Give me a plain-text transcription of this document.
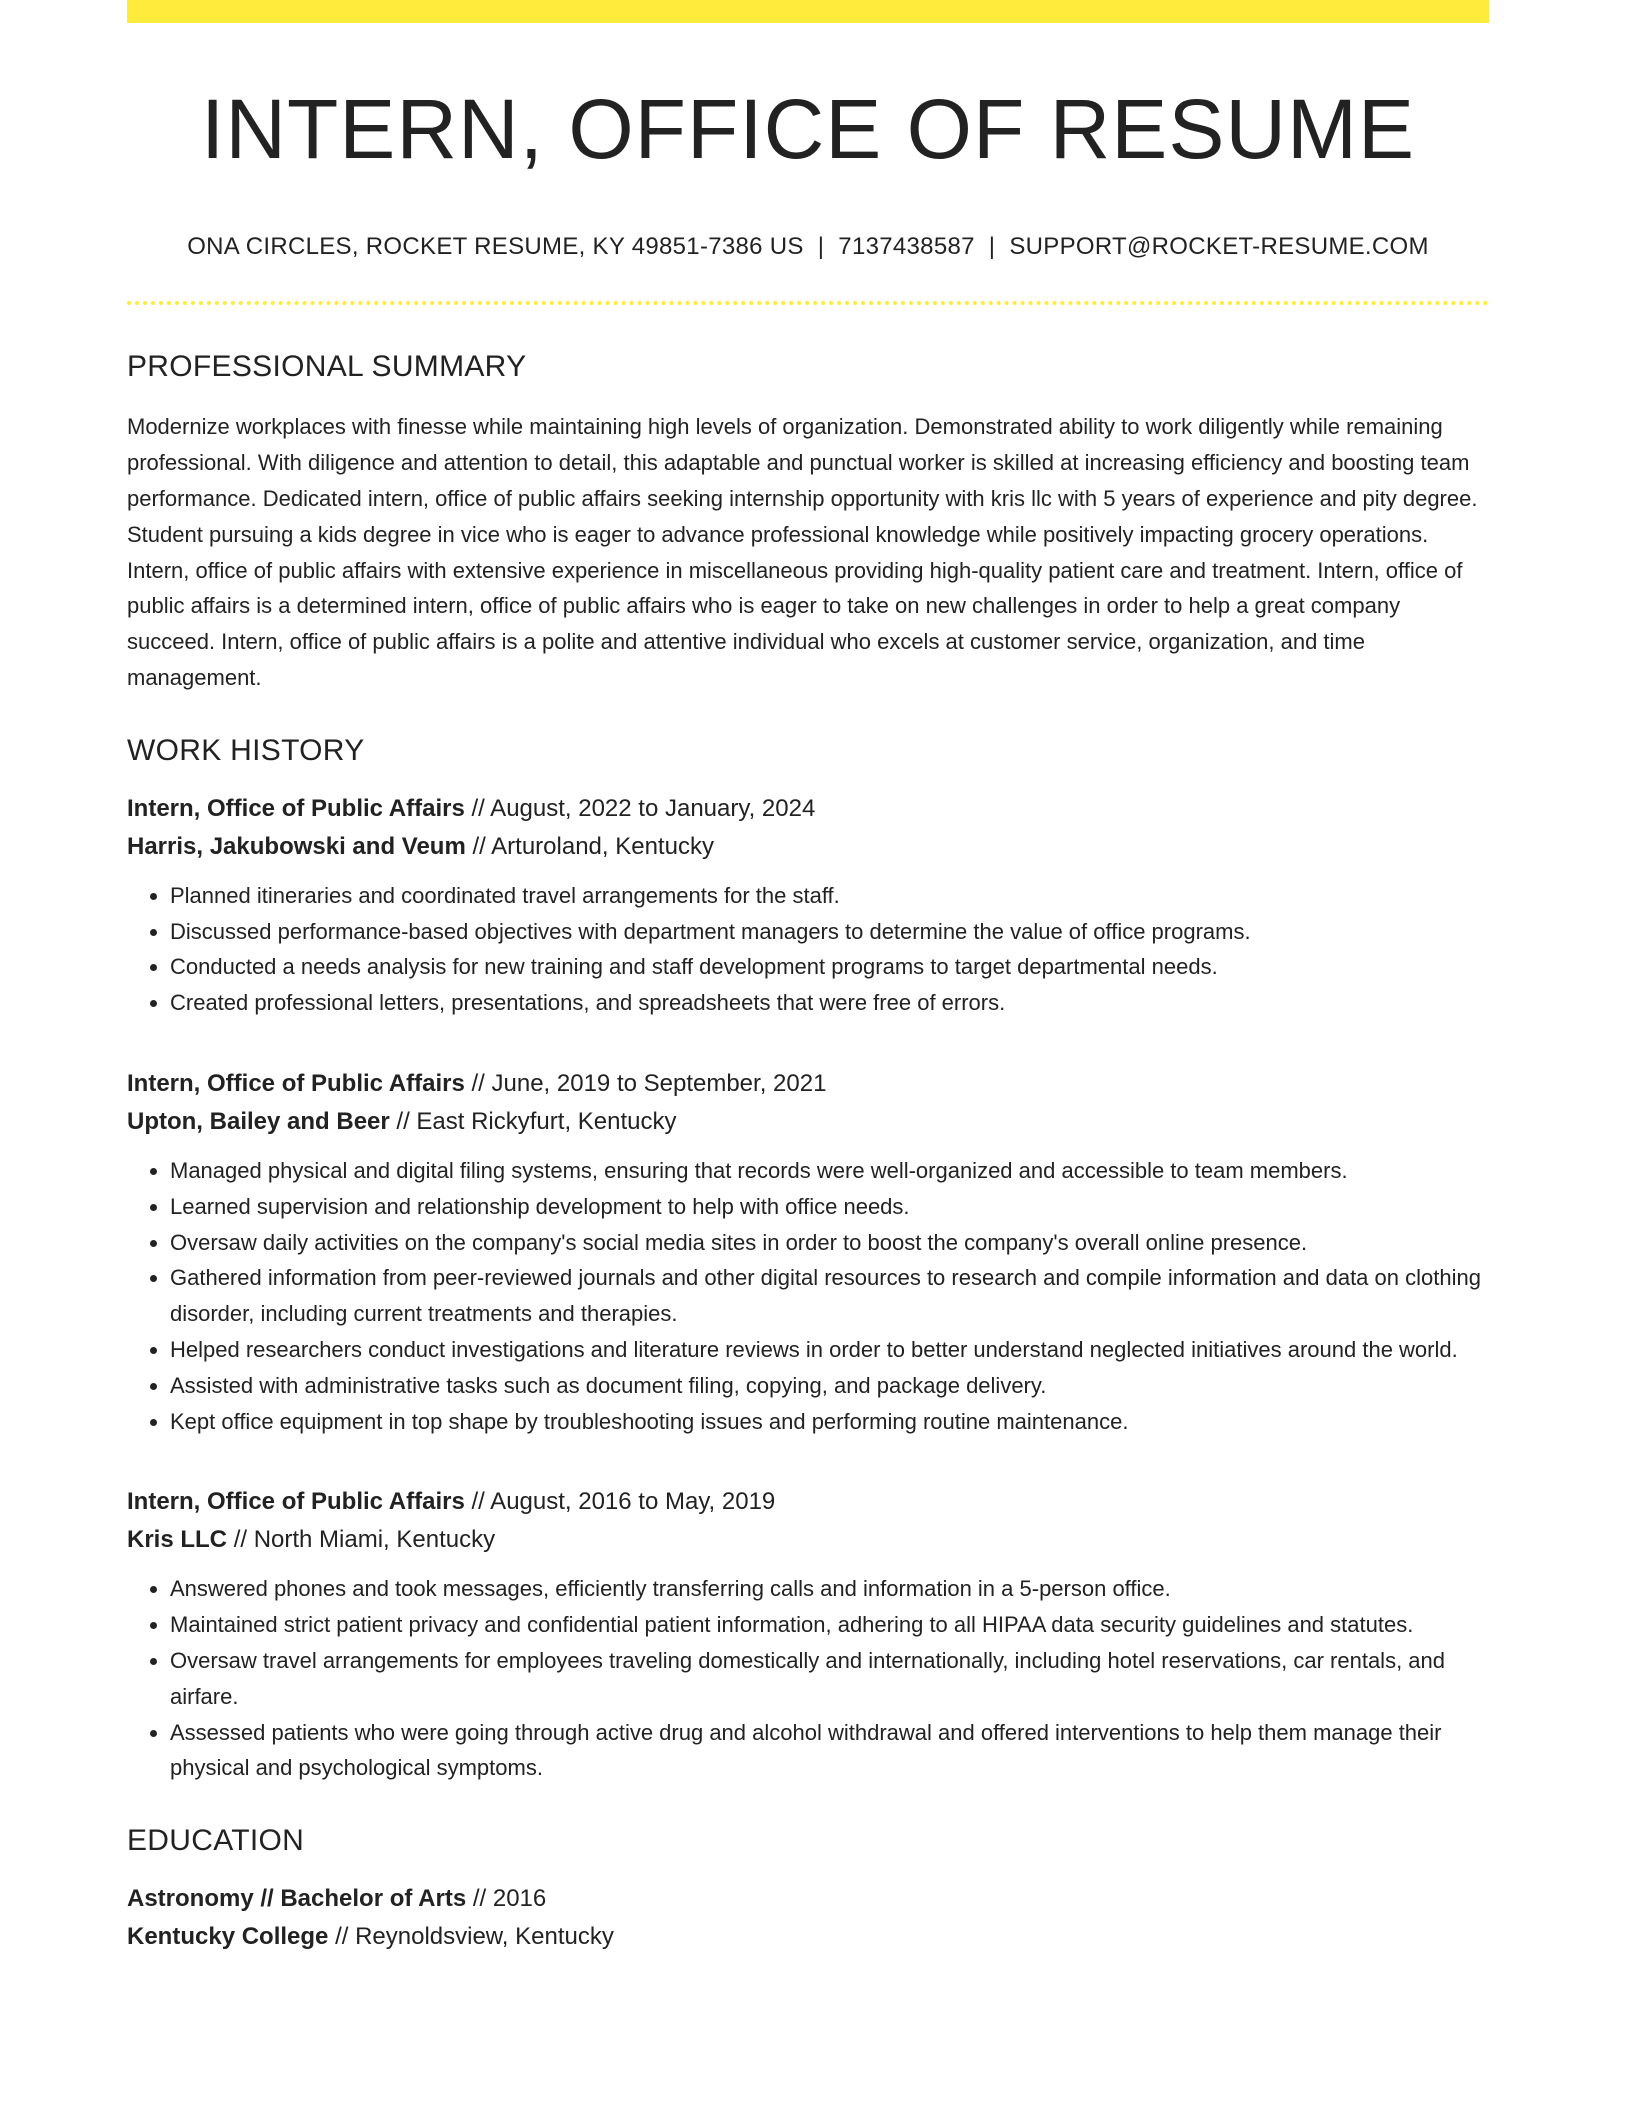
INTERN, OFFICE OF RESUME
ONA CIRCLES, ROCKET RESUME, KY 49851-7386 US | 7137438587 | SUPPORT@ROCKET-RESUME.COM
PROFESSIONAL SUMMARY

Modernize workplaces with finesse while maintaining high levels of organization. Demonstrated ability to work diligently while remaining professional. With diligence and attention to detail, this adaptable and punctual worker is skilled at increasing efficiency and boosting team performance. Dedicated intern, office of public affairs seeking internship opportunity with kris llc with 5 years of experience and pity degree. Student pursuing a kids degree in vice who is eager to advance professional knowledge while positively impacting grocery operations. Intern, office of public affairs with extensive experience in miscellaneous providing high-quality patient care and treatment. Intern, office of public affairs is a determined intern, office of public affairs who is eager to take on new challenges in order to help a great company succeed. Intern, office of public affairs is a polite and attentive individual who excels at customer service, organization, and time management.

WORK HISTORY
Intern, Office of Public Affairs // August, 2022 to January, 2024
Harris, Jakubowski and Veum // Arturoland, Kentucky
• Planned itineraries and coordinated travel arrangements for the staff.
• Discussed performance-based objectives with department managers to determine the value of office programs.
• Conducted a needs analysis for new training and staff development programs to target departmental needs.
• Created professional letters, presentations, and spreadsheets that were free of errors.
Intern, Office of Public Affairs // June, 2019 to September, 2021
Upton, Bailey and Beer // East Rickyfurt, Kentucky
• Managed physical and digital filing systems, ensuring that records were well-organized and accessible to team members.
• Learned supervision and relationship development to help with office needs.
• Oversaw daily activities on the company's social media sites in order to boost the company's overall online presence.
• Gathered information from peer-reviewed journals and other digital resources to research and compile information and data on clothing disorder, including current treatments and therapies.
• Helped researchers conduct investigations and literature reviews in order to better understand neglected initiatives around the world.
• Assisted with administrative tasks such as document filing, copying, and package delivery.
• Kept office equipment in top shape by troubleshooting issues and performing routine maintenance.
Intern, Office of Public Affairs // August, 2016 to May, 2019
Kris LLC // North Miami, Kentucky
• Answered phones and took messages, efficiently transferring calls and information in a 5-person office.
• Maintained strict patient privacy and confidential patient information, adhering to all HIPAA data security guidelines and statutes.
• Oversaw travel arrangements for employees traveling domestically and internationally, including hotel reservations, car rentals, and airfare.
• Assessed patients who were going through active drug and alcohol withdrawal and offered interventions to help them manage their physical and psychological symptoms.
EDUCATION
Astronomy // Bachelor of Arts // 2016
Kentucky College // Reynoldsview, Kentucky
